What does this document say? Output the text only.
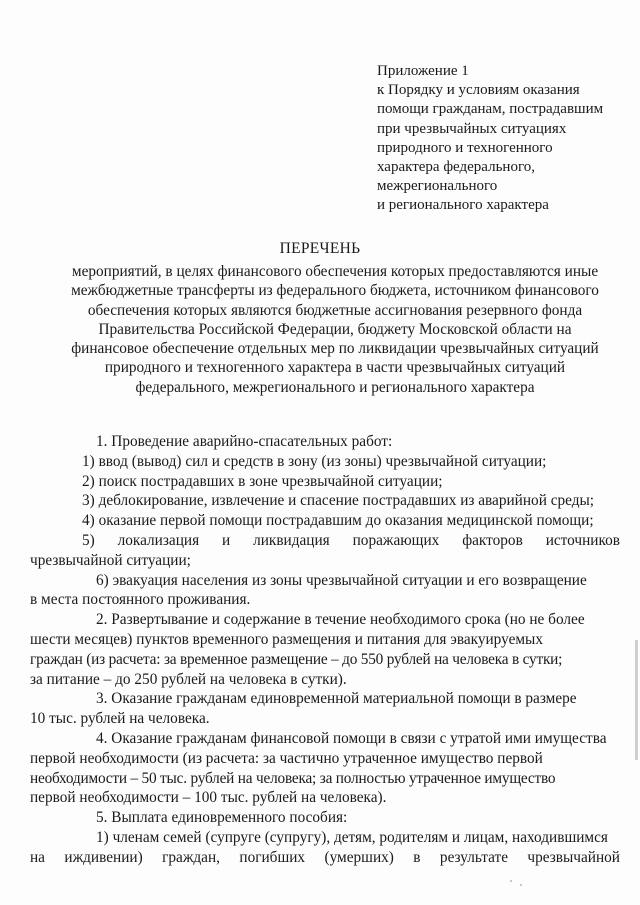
Приложение 1
к Порядку и условиям оказания
помощи гражданам, пострадавшим
при чрезвычайных ситуациях
природного и техногенного
характера федерального,
межрегионального
и регионального характера
ПЕРЕЧЕНЬ
мероприятий, в целях финансового обеспечения которых предоставляются иные
межбюджетные трансферты из федерального бюджета, источником финансового
обеспечения которых являются бюджетные ассигнования резервного фонда
Правительства Российской Федерации, бюджету Московской области на
финансовое обеспечение отдельных мер по ликвидации чрезвычайных ситуаций
природного и техногенного характера в части чрезвычайных ситуаций
федерального, межрегионального и регионального характера
1. Проведение аварийно-спасательных работ:
1) ввод (вывод) сил и средств в зону (из зоны) чрезвычайной ситуации;
2) поиск пострадавших в зоне чрезвычайной ситуации;
3) деблокирование, извлечение и спасение пострадавших из аварийной среды;
4) оказание первой помощи пострадавшим до оказания медицинской помощи;
5) локализация и ликвидация поражающих факторов источников
чрезвычайной ситуации;
6) эвакуация населения из зоны чрезвычайной ситуации и его возвращение
в места постоянного проживания.
2. Развертывание и содержание в течение необходимого срока (но не более
шести месяцев) пунктов временного размещения и питания для эвакуируемых
граждан (из расчета: за временное размещение – до 550 рублей на человека в сутки;
за питание – до 250 рублей на человека в сутки).
3. Оказание гражданам единовременной материальной помощи в размере
10 тыс. рублей на человека.
4. Оказание гражданам финансовой помощи в связи с утратой ими имущества
первой необходимости (из расчета: за частично утраченное имущество первой
необходимости – 50 тыс. рублей на человека; за полностью утраченное имущество
первой необходимости – 100 тыс. рублей на человека).
5. Выплата единовременного пособия:
1) членам семей (супруге (супругу), детям, родителям и лицам, находившимся
на иждивении) граждан, погибших (умерших) в результате чрезвычайной
